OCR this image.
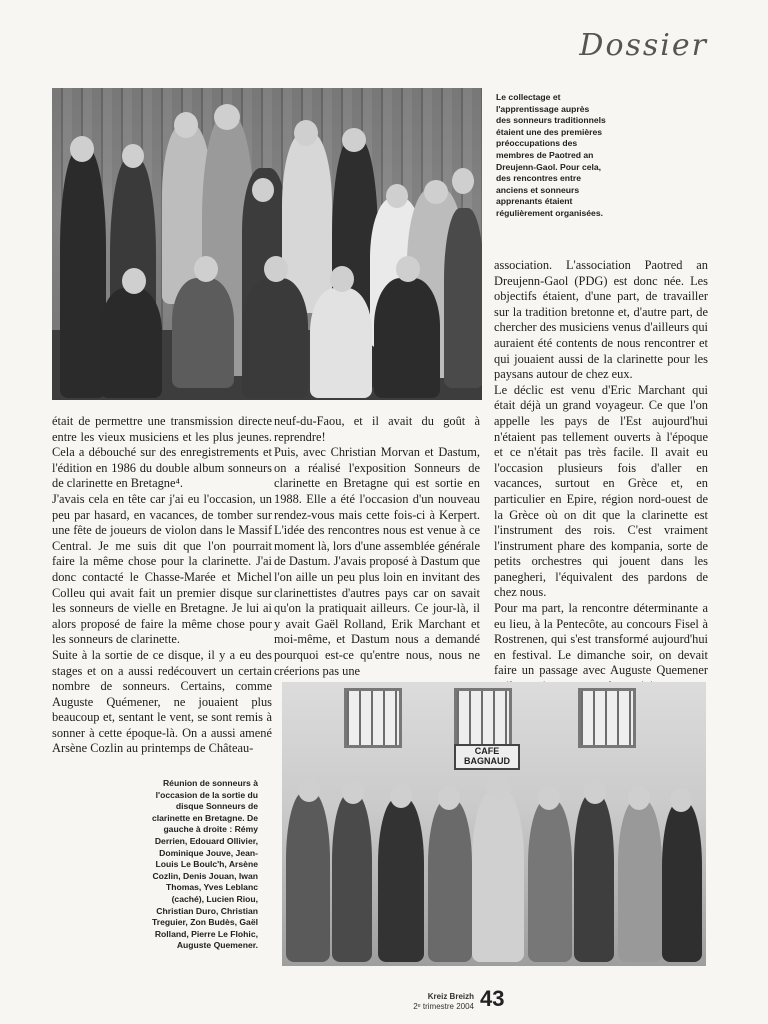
Dossier
Le collectage et l'apprentissage auprès des sonneurs traditionnels étaient une des premières préoccupations des membres de Paotred an Dreujenn-Gaol. Pour cela, des rencontres entre anciens et sonneurs apprenants étaient régulièrement organisées.

était de permettre une transmission directe entre les vieux musiciens et les plus jeunes. Cela a débouché sur des enregistrements et l'édition en 1986 du double album sonneurs de clarinette en Bretagne⁴.

J'avais cela en tête car j'ai eu l'occasion, un peu par hasard, en vacances, de tomber sur une fête de joueurs de violon dans le Massif Central. Je me suis dit que l'on pourrait faire la même chose pour la clarinette. J'ai donc contacté le Chasse-Marée et Michel Colleu qui avait fait un premier disque sur les sonneurs de vielle en Bretagne. Je lui ai alors proposé de faire la même chose pour les sonneurs de clarinette.

Suite à la sortie de ce disque, il y a eu des stages et on a aussi redécouvert un certain nombre de sonneurs. Certains, comme Auguste Quémener, ne jouaient plus beaucoup et, sentant le vent, se sont remis à sonner à cette époque-là. On a aussi amené Arsène Cozlin au printemps de Château-

neuf-du-Faou, et il avait du goût à reprendre!

Puis, avec Christian Morvan et Dastum, on a réalisé l'exposition Sonneurs de clarinette en Bretagne qui est sortie en 1988. Elle a été l'occasion d'un nouveau rendez-vous mais cette fois-ci à Kerpert. L'idée des rencontres nous est venue à ce moment là, lors d'une assemblée générale de Dastum. J'avais proposé à Dastum que l'on aille un peu plus loin en invitant des clarinettistes d'autres pays car on savait qu'on la pratiquait ailleurs. Ce jour-là, il y avait Gaël Rolland, Erik Marchant et moi-même, et Dastum nous a demandé pourquoi est-ce qu'entre nous, nous ne créerions pas une

association. L'association Paotred an Dreujenn-Gaol (PDG) est donc née. Les objectifs étaient, d'une part, de travailler sur la tradition bretonne et, d'autre part, de chercher des musiciens venus d'ailleurs qui auraient été contents de nous rencontrer et qui jouaient aussi de la clarinette pour les paysans autour de chez eux.

Le déclic est venu d'Eric Marchant qui était déjà un grand voyageur. Ce que l'on appelle les pays de l'Est aujourd'hui n'étaient pas tellement ouverts à l'époque et ce n'était pas très facile. Il avait eu l'occasion plusieurs fois d'aller en vacances, surtout en Grèce et, en particulier en Epire, région nord-ouest de la Grèce où on dit que la clarinette est l'instrument des rois. C'est vraiment l'instrument phare des kompania, sorte de petits orchestres qui jouent dans les panegheri, l'équivalent des pardons de chez nous.

Pour ma part, la rencontre déterminante a eu lieu, à la Pentecôte, au concours Fisel à Rostrenen, qui s'est transformé aujourd'hui en festival. Le dimanche soir, on devait faire un passage avec Auguste Quemener

CAFE
BAGNAUD
Réunion de sonneurs à l'occasion de la sortie du disque Sonneurs de clarinette en Bretagne. De gauche à droite : Rémy Derrien, Edouard Ollivier, Dominique Jouve, Jean-Louis Le Boulc'h, Arsène Cozlin, Denis Jouan, Iwan Thomas, Yves Leblanc (caché), Lucien Riou, Christian Duro, Christian Treguier, Zon Budès, Gaël Rolland, Pierre Le Flohic, Auguste Quemener.
Kreiz Breizh
2ᵉ trimestre 2004 43
